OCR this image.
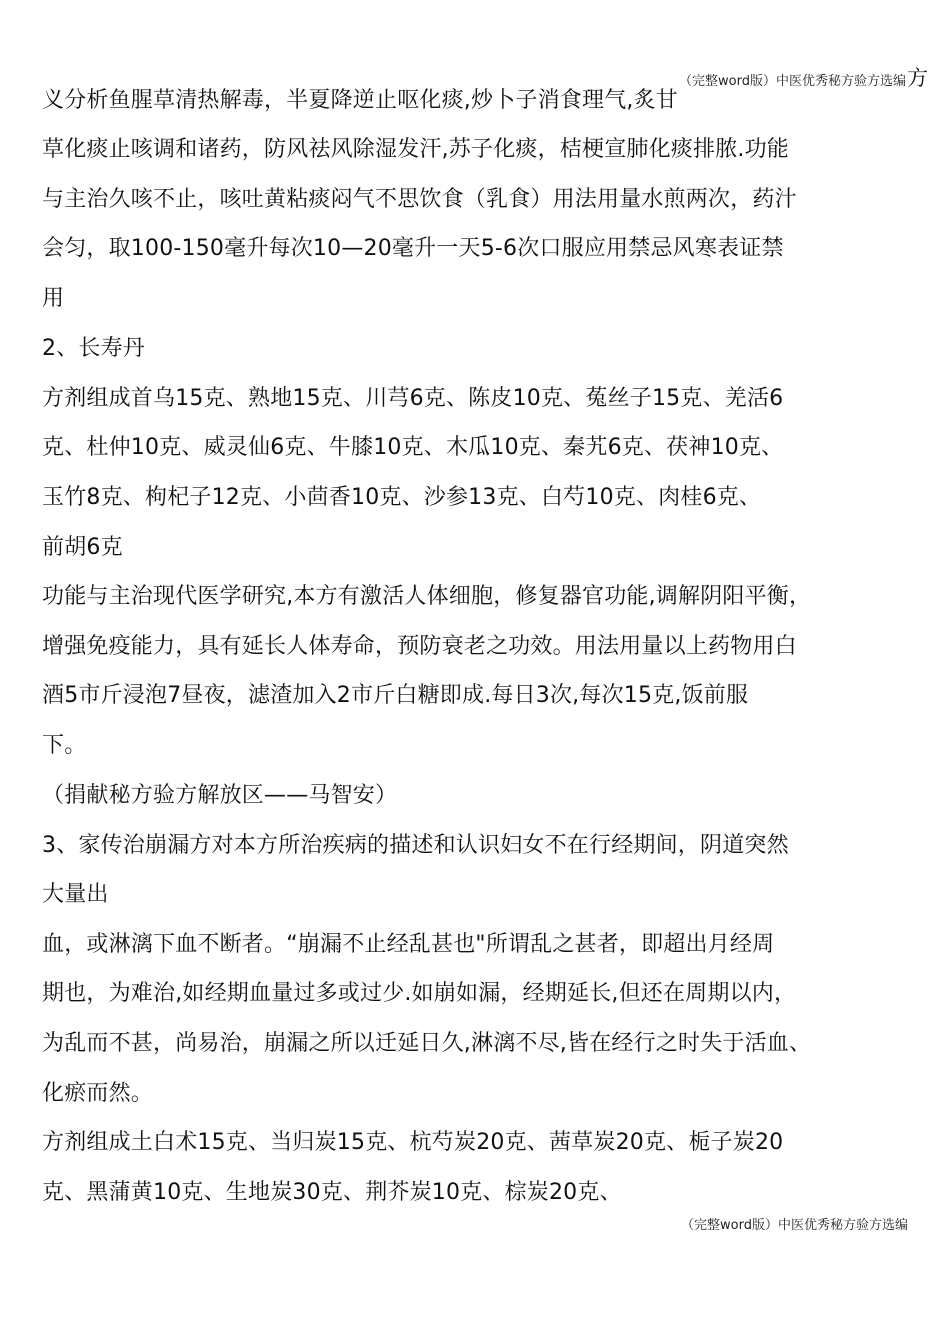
（完整word版）中医优秀秘方验方选编 方
义分析鱼腥草清热解毒，半夏降逆止呕化痰,炒卜子消食理气,炙甘
草化痰止咳调和诸药，防风祛风除湿发汗,苏子化痰，桔梗宣肺化痰排脓.功能
与主治久咳不止，咳吐黄粘痰闷气不思饮食（乳食）用法用量水煎两次，药汁
会匀，取100-150毫升每次10—20毫升一天5-6次口服应用禁忌风寒表证禁
用
2、长寿丹
方剂组成首乌15克、熟地15克、川芎6克、陈皮10克、菟丝子15克、羌活6
克、杜仲10克、威灵仙6克、牛膝10克、木瓜10克、秦艽6克、茯神10克、
玉竹8克、枸杞子12克、小茴香10克、沙参13克、白芍10克、肉桂6克、
前胡6克
功能与主治现代医学研究,本方有激活人体细胞，修复器官功能,调解阴阳平衡，
增强免疫能力，具有延长人体寿命，预防衰老之功效。用法用量以上药物用白
酒5市斤浸泡7昼夜，滤渣加入2市斤白糖即成.每日3次,每次15克,饭前服
下。
（捐献秘方验方解放区——马智安）
3、家传治崩漏方对本方所治疾病的描述和认识妇女不在行经期间，阴道突然
大量出
血，或淋漓下血不断者。“崩漏不止经乱甚也"所谓乱之甚者，即超出月经周
期也，为难治,如经期血量过多或过少.如崩如漏，经期延长,但还在周期以内，
为乱而不甚，尚易治，崩漏之所以迁延日久,淋漓不尽,皆在经行之时失于活血、
化瘀而然。
方剂组成土白术15克、当归炭15克、杭芍炭20克、茜草炭20克、栀子炭20
克、黑蒲黄10克、生地炭30克、荆芥炭10克、棕炭20克、
（完整word版）中医优秀秘方验方选编
